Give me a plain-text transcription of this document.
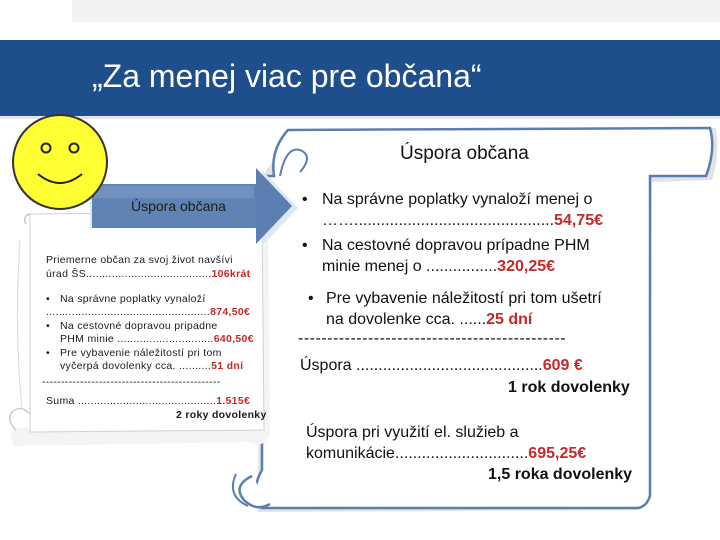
„Za menej viac pre občana“
Úspora občana
Úspora občana
• Na správne poplatky vynaloží menej o
…….............................................54,75€
• Na cestovné dopravou prípadne PHM
minie menej o ................320,25€
• Pre vybavenie náležitostí pri tom ušetrí
na dovolenke cca. ......25 dní
----------------------------------------------
Úspora ..........................................609 €
1 rok dovolenky
Úspora pri využití el. služieb a
komunikácie..............................695,25€
1,5 roka dovolenky
Priemerne občan za svoj život navšívi
úrad ŠS.......................................106krát
• Na správne poplatky vynaloží
...................................................874,50€
• Na cestovné dopravou pripadne
PHM minie ..............................640,50€
• Pre vybavenie náležitostí pri tom
vyčerpá dovolenky cca. ..........51 dní
-----------------------------------------------
Suma ...........................................1.515€
2 roky dovolenky
